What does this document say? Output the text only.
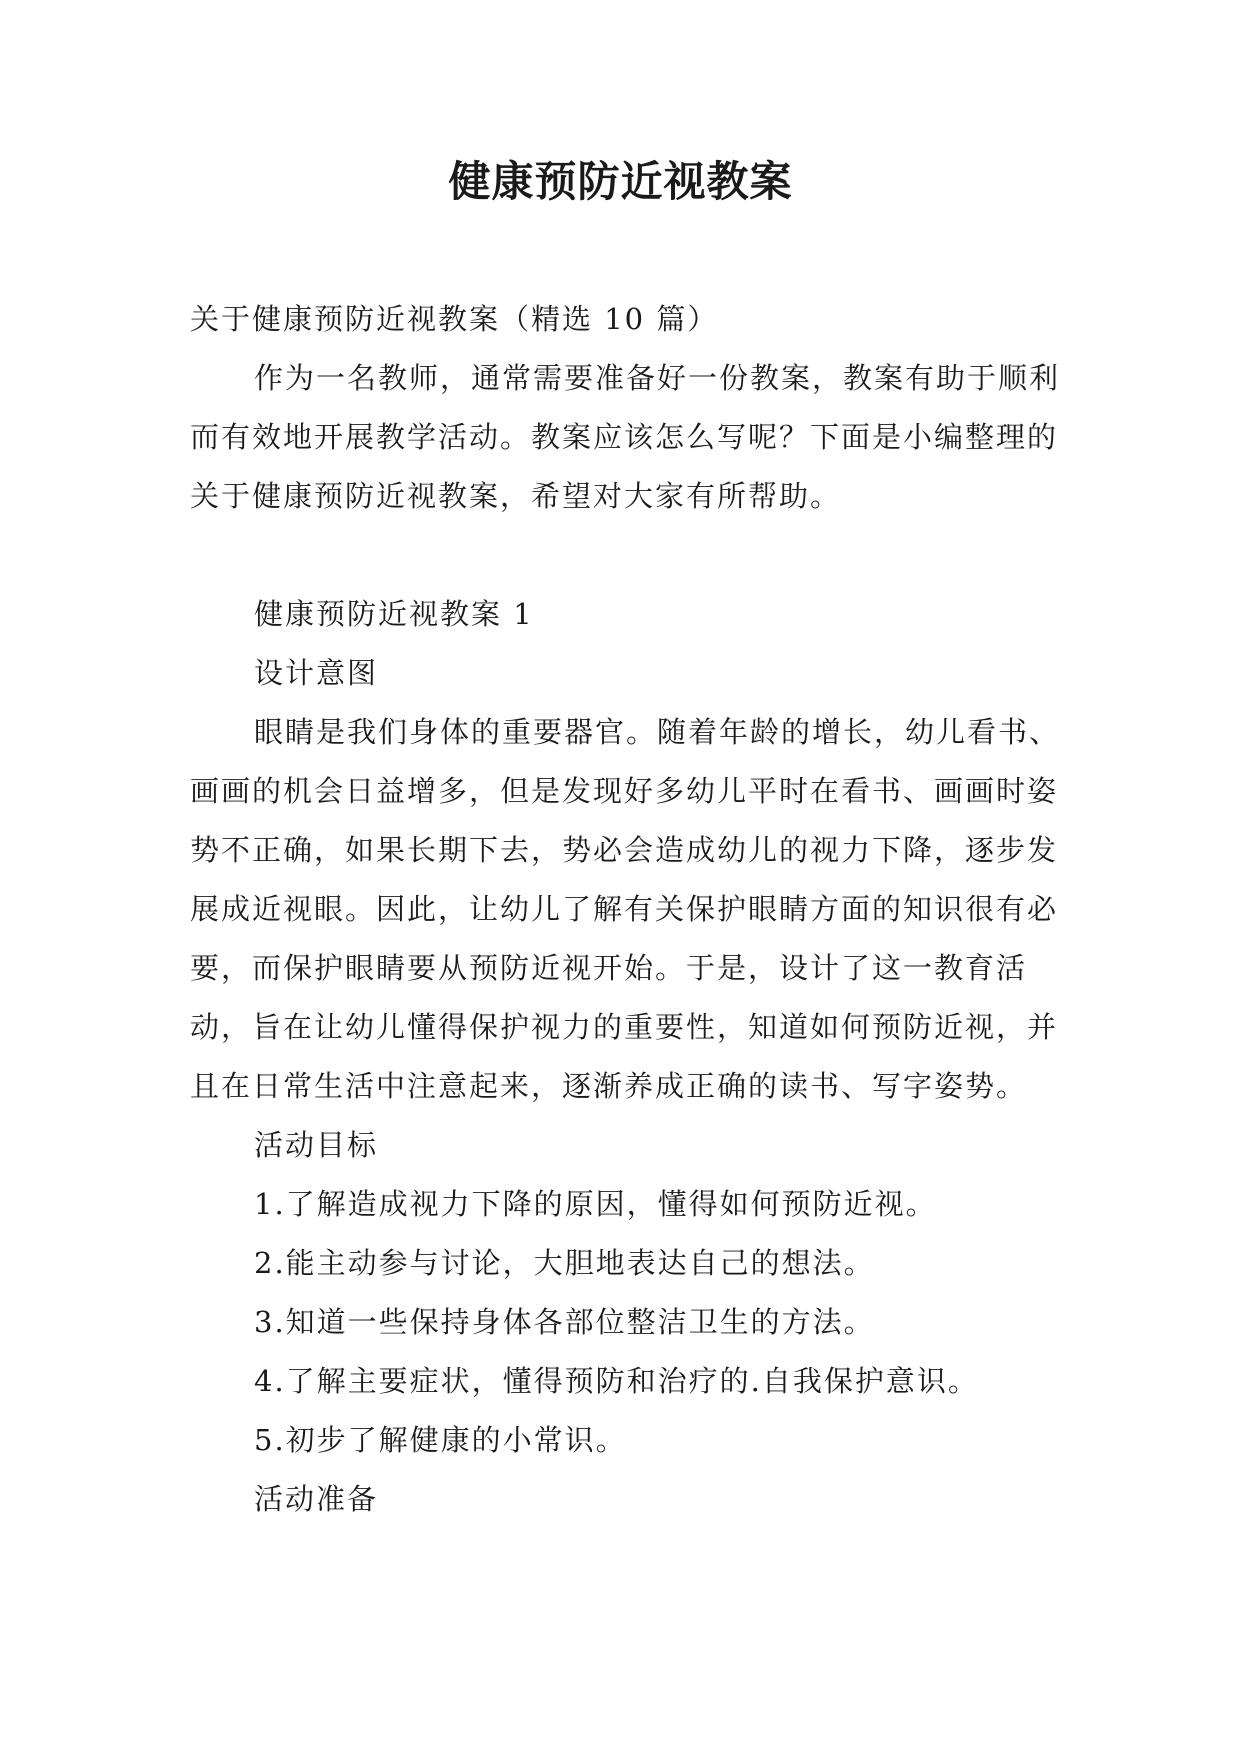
健康预防近视教案

关于健康预防近视教案（精选 10 篇）

作为一名教师，通常需要准备好一份教案，教案有助于顺利而有效地开展教学活动。教案应该怎么写呢？下面是小编整理的关于健康预防近视教案，希望对大家有所帮助。

健康预防近视教案 1

设计意图

眼睛是我们身体的重要器官。随着年龄的增长，幼儿看书、画画的机会日益增多，但是发现好多幼儿平时在看书、画画时姿势不正确，如果长期下去，势必会造成幼儿的视力下降，逐步发展成近视眼。因此，让幼儿了解有关保护眼睛方面的知识很有必要，而保护眼睛要从预防近视开始。于是，设计了这一教育活动，旨在让幼儿懂得保护视力的重要性，知道如何预防近视，并且在日常生活中注意起来，逐渐养成正确的读书、写字姿势。

活动目标

1.了解造成视力下降的原因，懂得如何预防近视。

2.能主动参与讨论，大胆地表达自己的想法。

3.知道一些保持身体各部位整洁卫生的方法。

4.了解主要症状，懂得预防和治疗的.自我保护意识。

5.初步了解健康的小常识。

活动准备
